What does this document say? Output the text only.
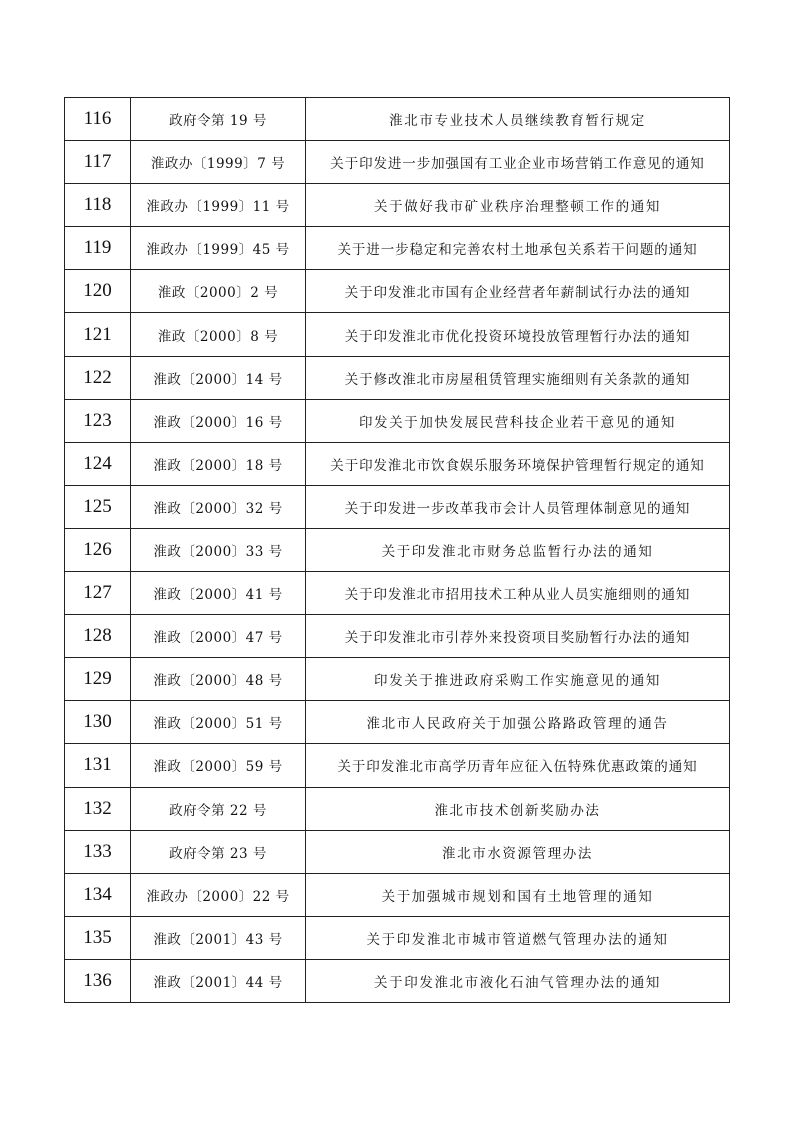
116	政府令第 19 号	淮北市专业技术人员继续教育暂行规定
117	淮政办〔1999〕7 号	关于印发进一步加强国有工业企业市场营销工作意见的通知
118	淮政办〔1999〕11 号	关于做好我市矿业秩序治理整顿工作的通知
119	淮政办〔1999〕45 号	关于进一步稳定和完善农村土地承包关系若干问题的通知
120	淮政〔2000〕2 号	关于印发淮北市国有企业经营者年薪制试行办法的通知
121	淮政〔2000〕8 号	关于印发淮北市优化投资环境投放管理暂行办法的通知
122	淮政〔2000〕14 号	关于修改淮北市房屋租赁管理实施细则有关条款的通知
123	淮政〔2000〕16 号	印发关于加快发展民营科技企业若干意见的通知
124	淮政〔2000〕18 号	关于印发淮北市饮食娱乐服务环境保护管理暂行规定的通知
125	淮政〔2000〕32 号	关于印发进一步改革我市会计人员管理体制意见的通知
126	淮政〔2000〕33 号	关于印发淮北市财务总监暂行办法的通知
127	淮政〔2000〕41 号	关于印发淮北市招用技术工种从业人员实施细则的通知
128	淮政〔2000〕47 号	关于印发淮北市引荐外来投资项目奖励暂行办法的通知
129	淮政〔2000〕48 号	印发关于推进政府采购工作实施意见的通知
130	淮政〔2000〕51 号	淮北市人民政府关于加强公路路政管理的通告
131	淮政〔2000〕59 号	关于印发淮北市高学历青年应征入伍特殊优惠政策的通知
132	政府令第 22 号	淮北市技术创新奖励办法
133	政府令第 23 号	淮北市水资源管理办法
134	淮政办〔2000〕22 号	关于加强城市规划和国有土地管理的通知
135	淮政〔2001〕43 号	关于印发淮北市城市管道燃气管理办法的通知
136	淮政〔2001〕44 号	关于印发淮北市液化石油气管理办法的通知
